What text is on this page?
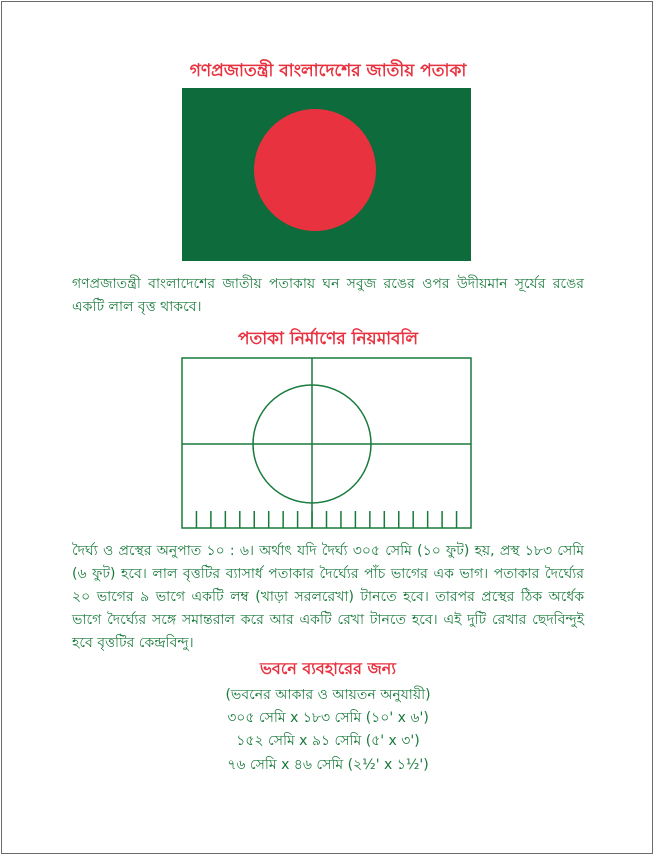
গণপ্রজাতন্ত্রী বাংলাদেশের জাতীয় পতাকা
গণপ্রজাতন্ত্রী বাংলাদেশের জাতীয় পতাকায় ঘন সবুজ রঙের ওপর উদীয়মান সূর্যের রঙের একটি লাল বৃত্ত থাকবে।
পতাকা নির্মাণের নিয়মাবলি
দৈর্ঘ্য ও প্রস্থের অনুপাত ১০ : ৬। অর্থাৎ যদি দৈর্ঘ্য ৩০৫ সেমি (১০ ফুট) হয়, প্রস্থ ১৮৩ সেমি (৬ ফুট) হবে। লাল বৃত্তটির ব্যাসার্ধ পতাকার দৈর্ঘ্যের পাঁচ ভাগের এক ভাগ। পতাকার দৈর্ঘ্যের ২০ ভাগের ৯ ভাগে একটি লম্ব (খাড়া সরলরেখা) টানতে হবে। তারপর প্রস্থের ঠিক অর্ধেক ভাগে দৈর্ঘ্যের সঙ্গে সমান্তরাল করে আর একটি রেখা টানতে হবে। এই দুটি রেখার ছেদবিন্দুই হবে বৃত্তটির কেন্দ্রবিন্দু।
ভবনে ব্যবহারের জন্য
(ভবনের আকার ও আয়তন অনুযায়ী)
৩০৫ সেমি x ১৮৩ সেমি (১০' x ৬')
১৫২ সেমি x ৯১ সেমি (৫' x ৩')
৭৬ সেমি x ৪৬ সেমি (২½' x ১½')
